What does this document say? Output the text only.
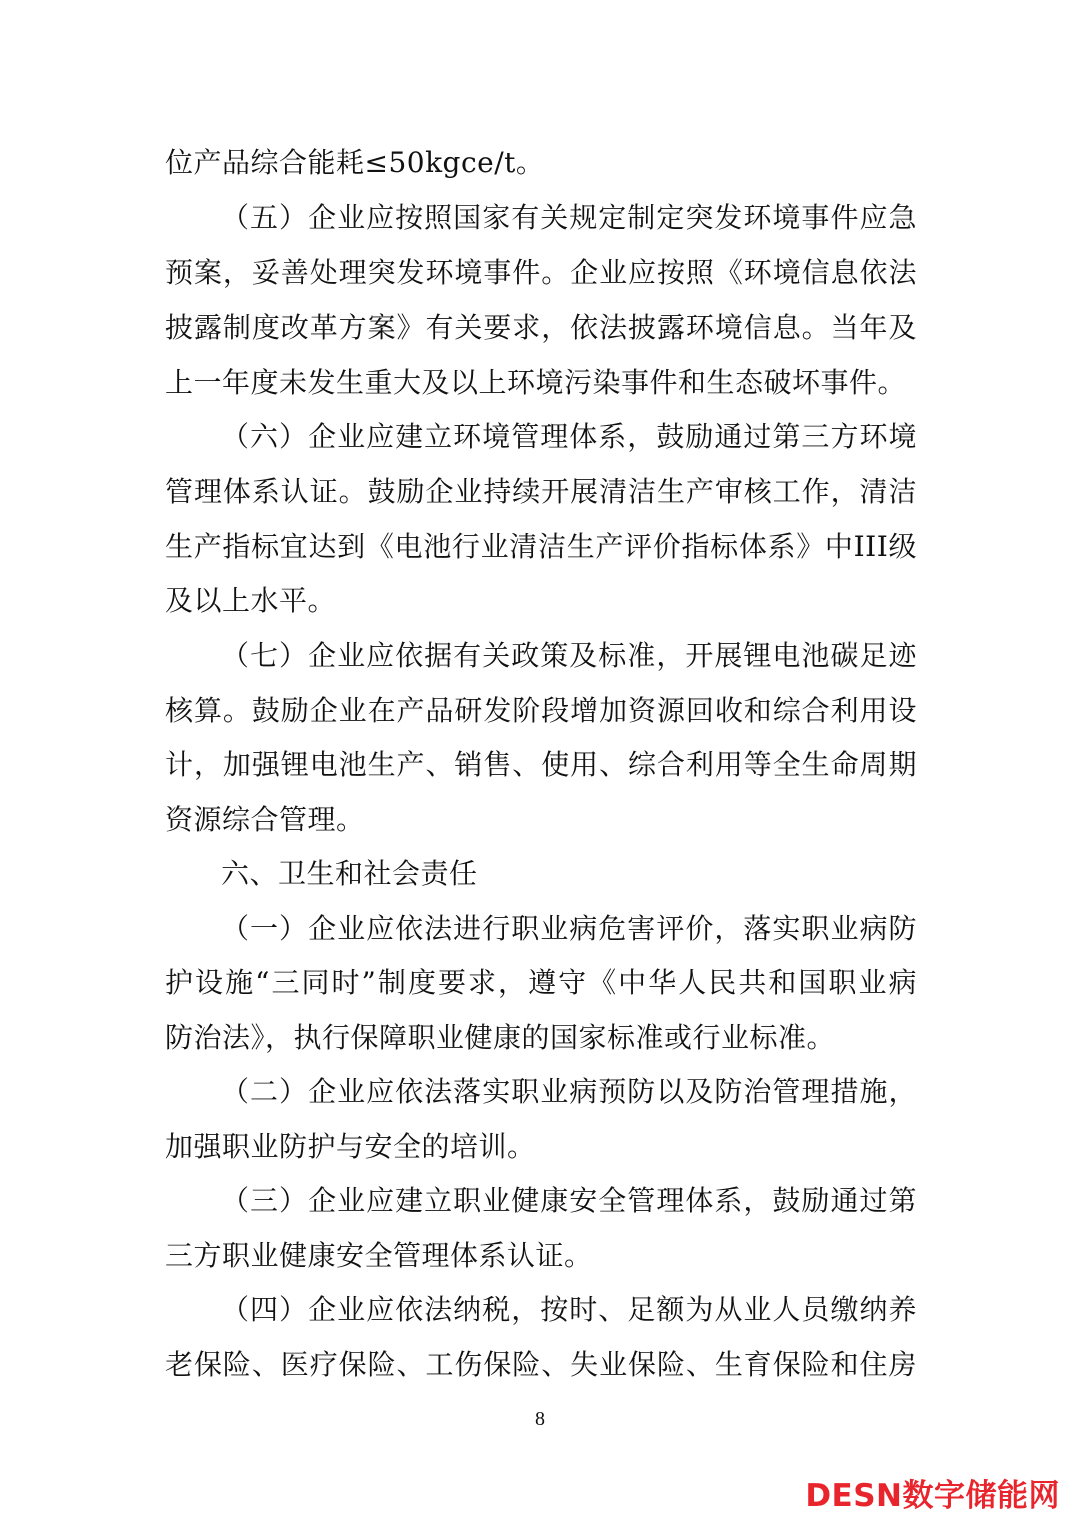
位产品综合能耗≤50kgce/t。
（五）企业应按照国家有关规定制定突发环境事件应急
预案，妥善处理突发环境事件。企业应按照《环境信息依法
披露制度改革方案》有关要求，依法披露环境信息。当年及
上一年度未发生重大及以上环境污染事件和生态破坏事件。
（六）企业应建立环境管理体系，鼓励通过第三方环境
管理体系认证。鼓励企业持续开展清洁生产审核工作，清洁
生产指标宜达到《电池行业清洁生产评价指标体系》中III级
及以上水平。
（七）企业应依据有关政策及标准，开展锂电池碳足迹
核算。鼓励企业在产品研发阶段增加资源回收和综合利用设
计，加强锂电池生产、销售、使用、综合利用等全生命周期
资源综合管理。
六、卫生和社会责任
（一）企业应依法进行职业病危害评价，落实职业病防
护设施“三同时”制度要求，遵守《中华人民共和国职业病
防治法》，执行保障职业健康的国家标准或行业标准。
（二）企业应依法落实职业病预防以及防治管理措施，
加强职业防护与安全的培训。
（三）企业应建立职业健康安全管理体系，鼓励通过第
三方职业健康安全管理体系认证。
（四）企业应依法纳税，按时、足额为从业人员缴纳养
老保险、医疗保险、工伤保险、失业保险、生育保险和住房
8
DESN数字储能网
